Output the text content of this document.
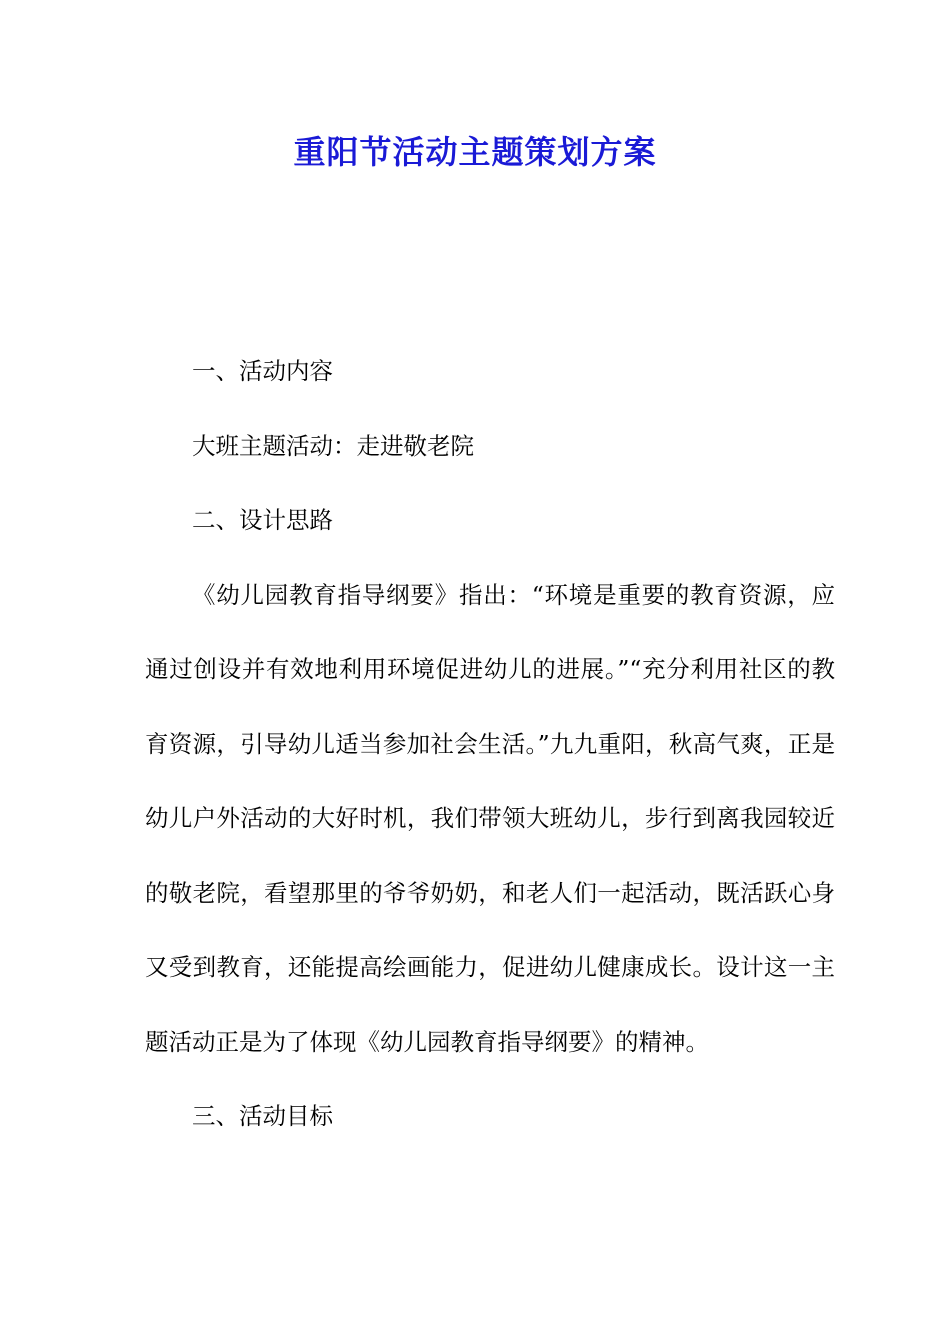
重阳节活动主题策划方案

一、活动内容

大班主题活动：走进敬老院

二、设计思路

《幼儿园教育指导纲要》指出：“环境是重要的教育资源，应通过创设并有效地利用环境促进幼儿的进展。”“充分利用社区的教育资源，引导幼儿适当参加社会生活。”九九重阳，秋高气爽，正是幼儿户外活动的大好时机，我们带领大班幼儿，步行到离我园较近的敬老院，看望那里的爷爷奶奶，和老人们一起活动，既活跃心身又受到教育，还能提高绘画能力，促进幼儿健康成长。设计这一主题活动正是为了体现《幼儿园教育指导纲要》的精神。

三、活动目标
